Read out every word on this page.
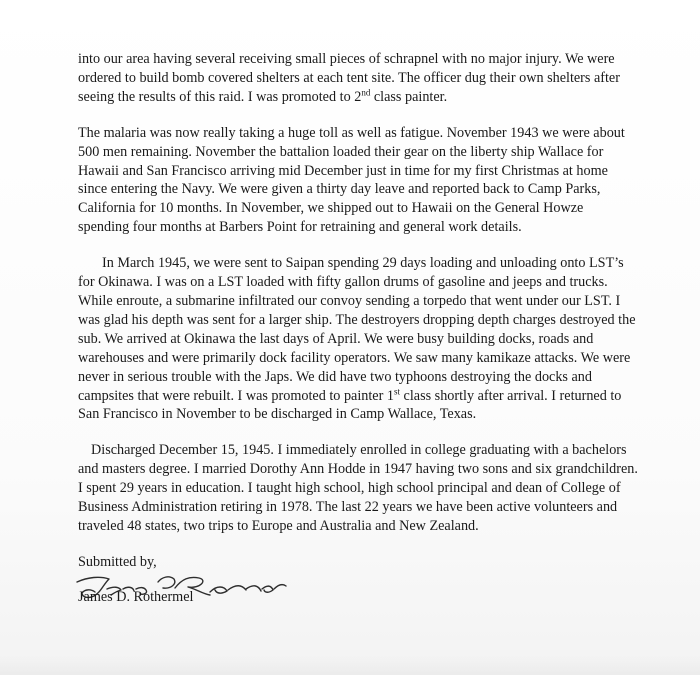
into our area having several receiving small pieces of schrapnel with no major injury. We were ordered to build bomb covered shelters at each tent site. The officer dug their own shelters after seeing the results of this raid. I was promoted to 2nd class painter.

The malaria was now really taking a huge toll as well as fatigue. November 1943 we were about 500 men remaining. November the battalion loaded their gear on the liberty ship Wallace for Hawaii and San Francisco arriving mid December just in time for my first Christmas at home since entering the Navy. We were given a thirty day leave and reported back to Camp Parks, California for 10 months. In November, we shipped out to Hawaii on the General Howze spending four months at Barbers Point for retraining and general work details.

In March 1945, we were sent to Saipan spending 29 days loading and unloading onto LST’s for Okinawa. I was on a LST loaded with fifty gallon drums of gasoline and jeeps and trucks. While enroute, a submarine infiltrated our convoy sending a torpedo that went under our LST. I was glad his depth was sent for a larger ship. The destroyers dropping depth charges destroyed the sub. We arrived at Okinawa the last days of April. We were busy building docks, roads and warehouses and were primarily dock facility operators. We saw many kamikaze attacks. We were never in serious trouble with the Japs. We did have two typhoons destroying the docks and campsites that were rebuilt. I was promoted to painter 1st class shortly after arrival. I returned to San Francisco in November to be discharged in Camp Wallace, Texas.

Discharged December 15, 1945. I immediately enrolled in college graduating with a bachelors and masters degree. I married Dorothy Ann Hodde in 1947 having two sons and six grandchildren. I spent 29 years in education. I taught high school, high school principal and dean of College of Business Administration retiring in 1978. The last 22 years we have been active volunteers and traveled 48 states, two trips to Europe and Australia and New Zealand.

Submitted by,
James D. Rothermel
